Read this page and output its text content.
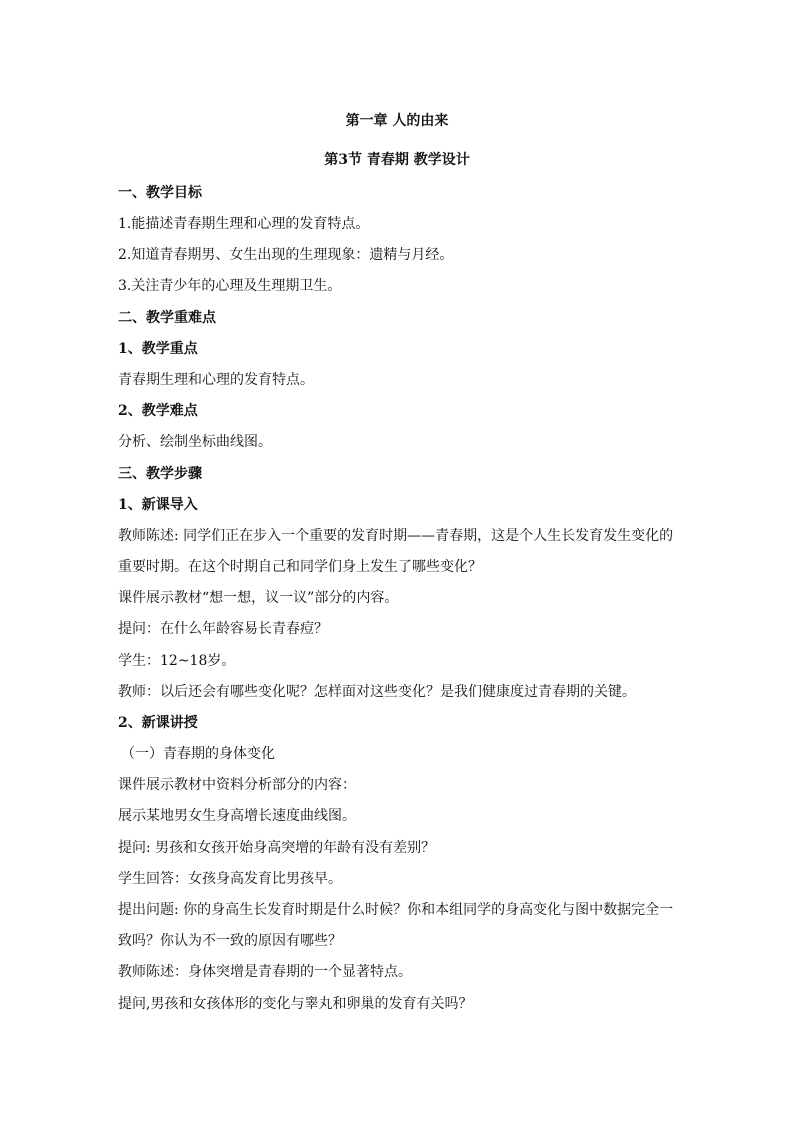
第一章 人的由来
第3节 青春期 教学设计
一、教学目标
1.能描述青春期生理和心理的发育特点。
2.知道青春期男、女生出现的生理现象：遗精与月经。
3.关注青少年的心理及生理期卫生。
二、教学重难点
1、教学重点
青春期生理和心理的发育特点。
2、教学难点
分析、绘制坐标曲线图。
三、教学步骤
1、新课导入
教师陈述: 同学们正在步入一个重要的发育时期——青春期，这是个人生长发育发生变化的
重要时期。在这个时期自己和同学们身上发生了哪些变化？
课件展示教材“想一想，议一议”部分的内容。
提问：在什么年龄容易长青春痘？
学生：12~18岁。
教师：以后还会有哪些变化呢？怎样面对这些变化？是我们健康度过青春期的关键。
2、新课讲授
（一）青春期的身体变化
课件展示教材中资料分析部分的内容：
展示某地男女生身高增长速度曲线图。
提问: 男孩和女孩开始身高突增的年龄有没有差别？
学生回答：女孩身高发育比男孩早。
提出问题: 你的身高生长发育时期是什么时候？你和本组同学的身高变化与图中数据完全一
致吗？你认为不一致的原因有哪些？
教师陈述：身体突增是青春期的一个显著特点。
提问,男孩和女孩体形的变化与睾丸和卵巢的发育有关吗？
